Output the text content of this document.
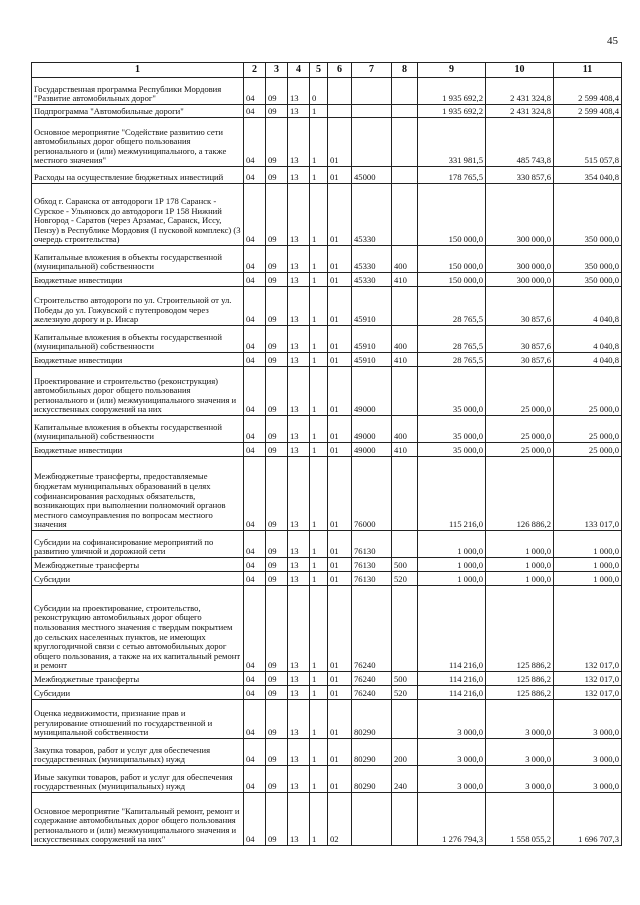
45
1	2	3	4	5	6	7	8	9	10	11
Государственная программа Республики Мордовия "Развитие автомобильных дорог"	04	09	13	0				1 935 692,2	2 431 324,8	2 599 408,4
Подпрограмма "Автомобильные дороги"	04	09	13	1				1 935 692,2	2 431 324,8	2 599 408,4
Основное мероприятие "Содействие развитию сети автомобильных дорог общего пользования регионального и (или) межмуниципального, а также местного значения"	04	09	13	1	01			331 981,5	485 743,8	515 057,8
Расходы на осуществление бюджетных инвестиций	04	09	13	1	01	45000		178 765,5	330 857,6	354 040,8
Обход г. Саранска от автодороги 1Р 178 Саранск - Сурское - Ульяновск до автодороги 1Р 158 Нижний Новгород - Саратов (через Арзамас, Саранск, Иссу, Пензу) в Республике Мордовия (I пусковой комплекс) (3 очередь строительства)	04	09	13	1	01	45330		150 000,0	300 000,0	350 000,0
Капитальные вложения в объекты государственной (муниципальной) собственности	04	09	13	1	01	45330	400	150 000,0	300 000,0	350 000,0
Бюджетные инвестиции	04	09	13	1	01	45330	410	150 000,0	300 000,0	350 000,0
Строительство автодороги по ул. Строительной от ул. Победы до ул. Гожувской с путепроводом через железную дорогу и р. Инсар	04	09	13	1	01	45910		28 765,5	30 857,6	4 040,8
Капитальные вложения в объекты государственной (муниципальной) собственности	04	09	13	1	01	45910	400	28 765,5	30 857,6	4 040,8
Бюджетные инвестиции	04	09	13	1	01	45910	410	28 765,5	30 857,6	4 040,8
Проектирование и строительство (реконструкция) автомобильных дорог общего пользования регионального и (или) межмуниципального значения и искусственных сооружений на них	04	09	13	1	01	49000		35 000,0	25 000,0	25 000,0
Капитальные вложения в объекты государственной (муниципальной) собственности	04	09	13	1	01	49000	400	35 000,0	25 000,0	25 000,0
Бюджетные инвестиции	04	09	13	1	01	49000	410	35 000,0	25 000,0	25 000,0
Межбюджетные трансферты, предоставляемые бюджетам муниципальных образований в целях софинансирования расходных обязательств, возникающих при выполнении полномочий органов местного самоуправления по вопросам местного значения	04	09	13	1	01	76000		115 216,0	126 886,2	133 017,0
Субсидии на софинансирование мероприятий по развитию уличной и дорожной сети	04	09	13	1	01	76130		1 000,0	1 000,0	1 000,0
Межбюджетные трансферты	04	09	13	1	01	76130	500	1 000,0	1 000,0	1 000,0
Субсидии	04	09	13	1	01	76130	520	1 000,0	1 000,0	1 000,0
Субсидии на проектирование, строительство, реконструкцию автомобильных дорог общего пользования местного значения с твердым покрытием до сельских населенных пунктов, не имеющих круглогодичной связи с сетью автомобильных дорог общего пользования, а также на их капитальный ремонт и ремонт	04	09	13	1	01	76240		114 216,0	125 886,2	132 017,0
Межбюджетные трансферты	04	09	13	1	01	76240	500	114 216,0	125 886,2	132 017,0
Субсидии	04	09	13	1	01	76240	520	114 216,0	125 886,2	132 017,0
Оценка недвижимости, признание прав и регулирование отношений по государственной и муниципальной собственности	04	09	13	1	01	80290		3 000,0	3 000,0	3 000,0
Закупка товаров, работ и услуг для обеспечения государственных (муниципальных) нужд	04	09	13	1	01	80290	200	3 000,0	3 000,0	3 000,0
Иные закупки товаров, работ и услуг для обеспечения государственных (муниципальных) нужд	04	09	13	1	01	80290	240	3 000,0	3 000,0	3 000,0
Основное мероприятие "Капитальный ремонт, ремонт и содержание автомобильных дорог общего пользования регионального и (или) межмуниципального значения и искусственных сооружений на них"	04	09	13	1	02			1 276 794,3	1 558 055,2	1 696 707,3
